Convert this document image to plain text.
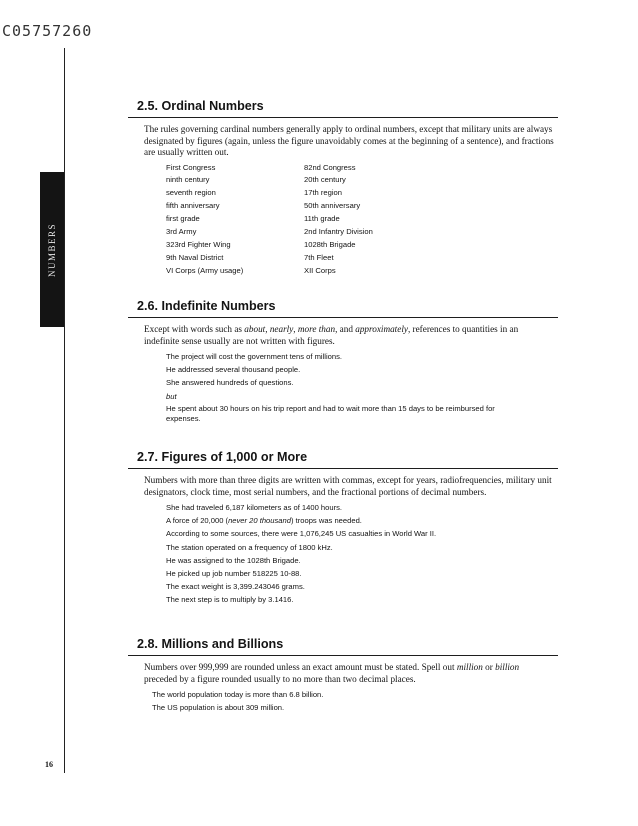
C05757260
NUMBERS
16
2.5. Ordinal Numbers
The rules governing cardinal numbers generally apply to ordinal numbers, except that military units are always designated by figures (again, unless the figure unavoidably comes at the beginning of a sentence), and fractions are usually written out.
First Congress
ninth century
seventh region
fifth anniversary
first grade
3rd Army
323rd Fighter Wing
9th Naval District
VI Corps (Army usage)
82nd Congress
20th century
17th region
50th anniversary
11th grade
2nd Infantry Division
1028th Brigade
7th Fleet
XII Corps
2.6. Indefinite Numbers
Except with words such as about, nearly, more than, and approximately, references to quantities in an indefinite sense usually are not written with figures.
The project will cost the government tens of millions.
He addressed several thousand people.
She answered hundreds of questions.
but
He spent about 30 hours on his trip report and had to wait more than 15 days to be reimbursed for expenses.
2.7. Figures of 1,000 or More
Numbers with more than three digits are written with commas, except for years, radiofrequencies, military unit designators, clock time, most serial numbers, and the fractional portions of decimal numbers.
She had traveled 6,187 kilometers as of 1400 hours.
A force of 20,000 (never 20 thousand) troops was needed.
According to some sources, there were 1,076,245 US casualties in World War II.
The station operated on a frequency of 1800 kHz.
He was assigned to the 1028th Brigade.
He picked up job number 518225 10-88.
The exact weight is 3,399.243046 grams.
The next step is to multiply by 3.1416.
2.8. Millions and Billions
Numbers over 999,999 are rounded unless an exact amount must be stated. Spell out million or billion preceded by a figure rounded usually to no more than two decimal places.
The world population today is more than 6.8 billion.
The US population is about 309 million.
